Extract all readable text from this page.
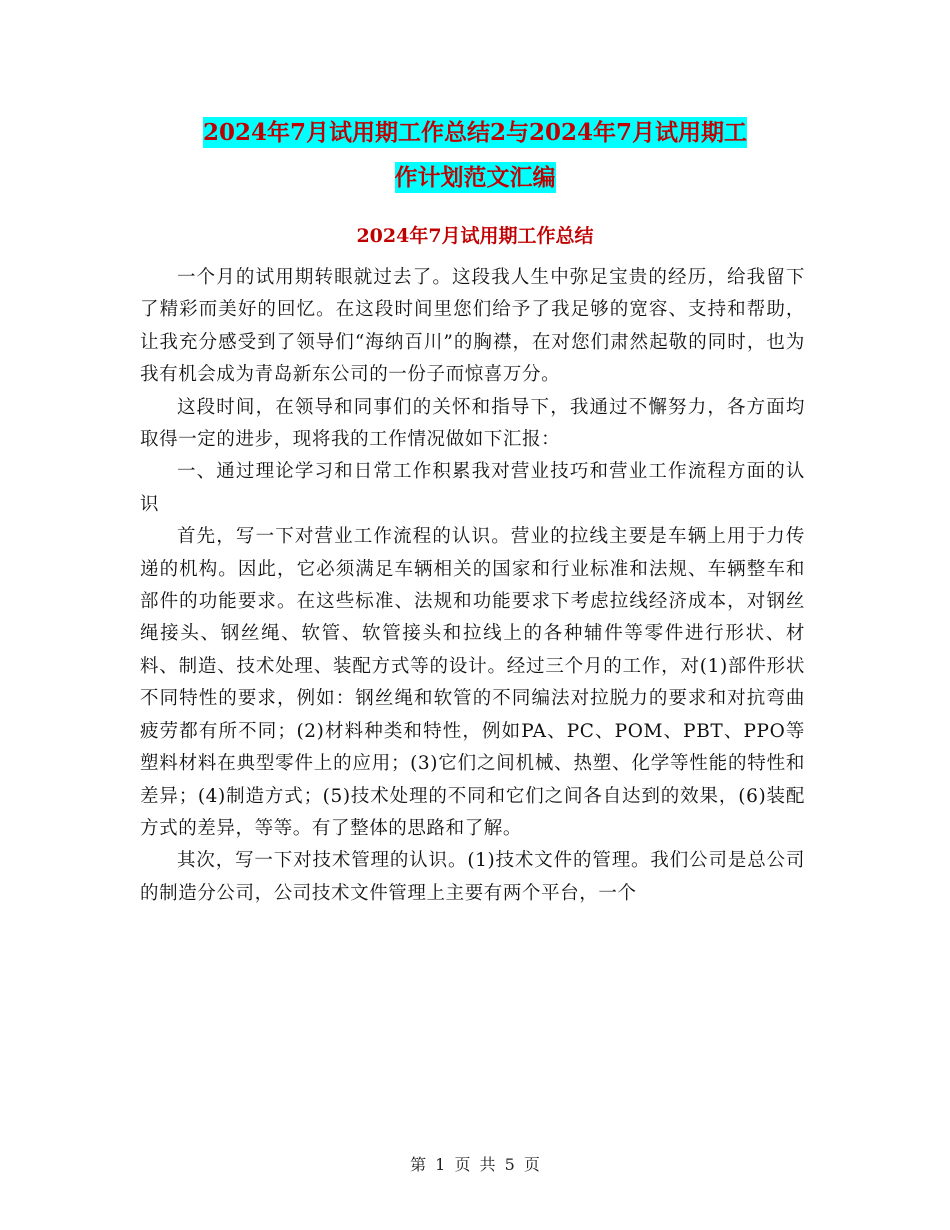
2024年7月试用期工作总结2与2024年7月试用期工
作计划范文汇编
2024年7月试用期工作总结

一个月的试用期转眼就过去了。这段我人生中弥足宝贵的经历，给我留下了精彩而美好的回忆。在这段时间里您们给予了我足够的宽容、支持和帮助，让我充分感受到了领导们“海纳百川”的胸襟，在对您们肃然起敬的同时，也为我有机会成为青岛新东公司的一份子而惊喜万分。

这段时间，在领导和同事们的关怀和指导下，我通过不懈努力，各方面均取得一定的进步，现将我的工作情况做如下汇报：

一、通过理论学习和日常工作积累我对营业技巧和营业工作流程方面的认识

首先，写一下对营业工作流程的认识。营业的拉线主要是车辆上用于力传递的机构。因此，它必须满足车辆相关的国家和行业标准和法规、车辆整车和部件的功能要求。在这些标准、法规和功能要求下考虑拉线经济成本，对钢丝绳接头、钢丝绳、软管、软管接头和拉线上的各种辅件等零件进行形状、材料、制造、技术处理、装配方式等的设计。经过三个月的工作，对(1)部件形状不同特性的要求，例如：钢丝绳和软管的不同编法对拉脱力的要求和对抗弯曲疲劳都有所不同；(2)材料种类和特性，例如PA、PC、POM、PBT、PPO等塑料材料在典型零件上的应用；(3)它们之间机械、热塑、化学等性能的特性和差异；(4)制造方式；(5)技术处理的不同和它们之间各自达到的效果，(6)装配方式的差异，等等。有了整体的思路和了解。

其次，写一下对技术管理的认识。(1)技术文件的管理。我们公司是总公司的制造分公司，公司技术文件管理上主要有两个平台，一个

第 1 页 共 5 页
